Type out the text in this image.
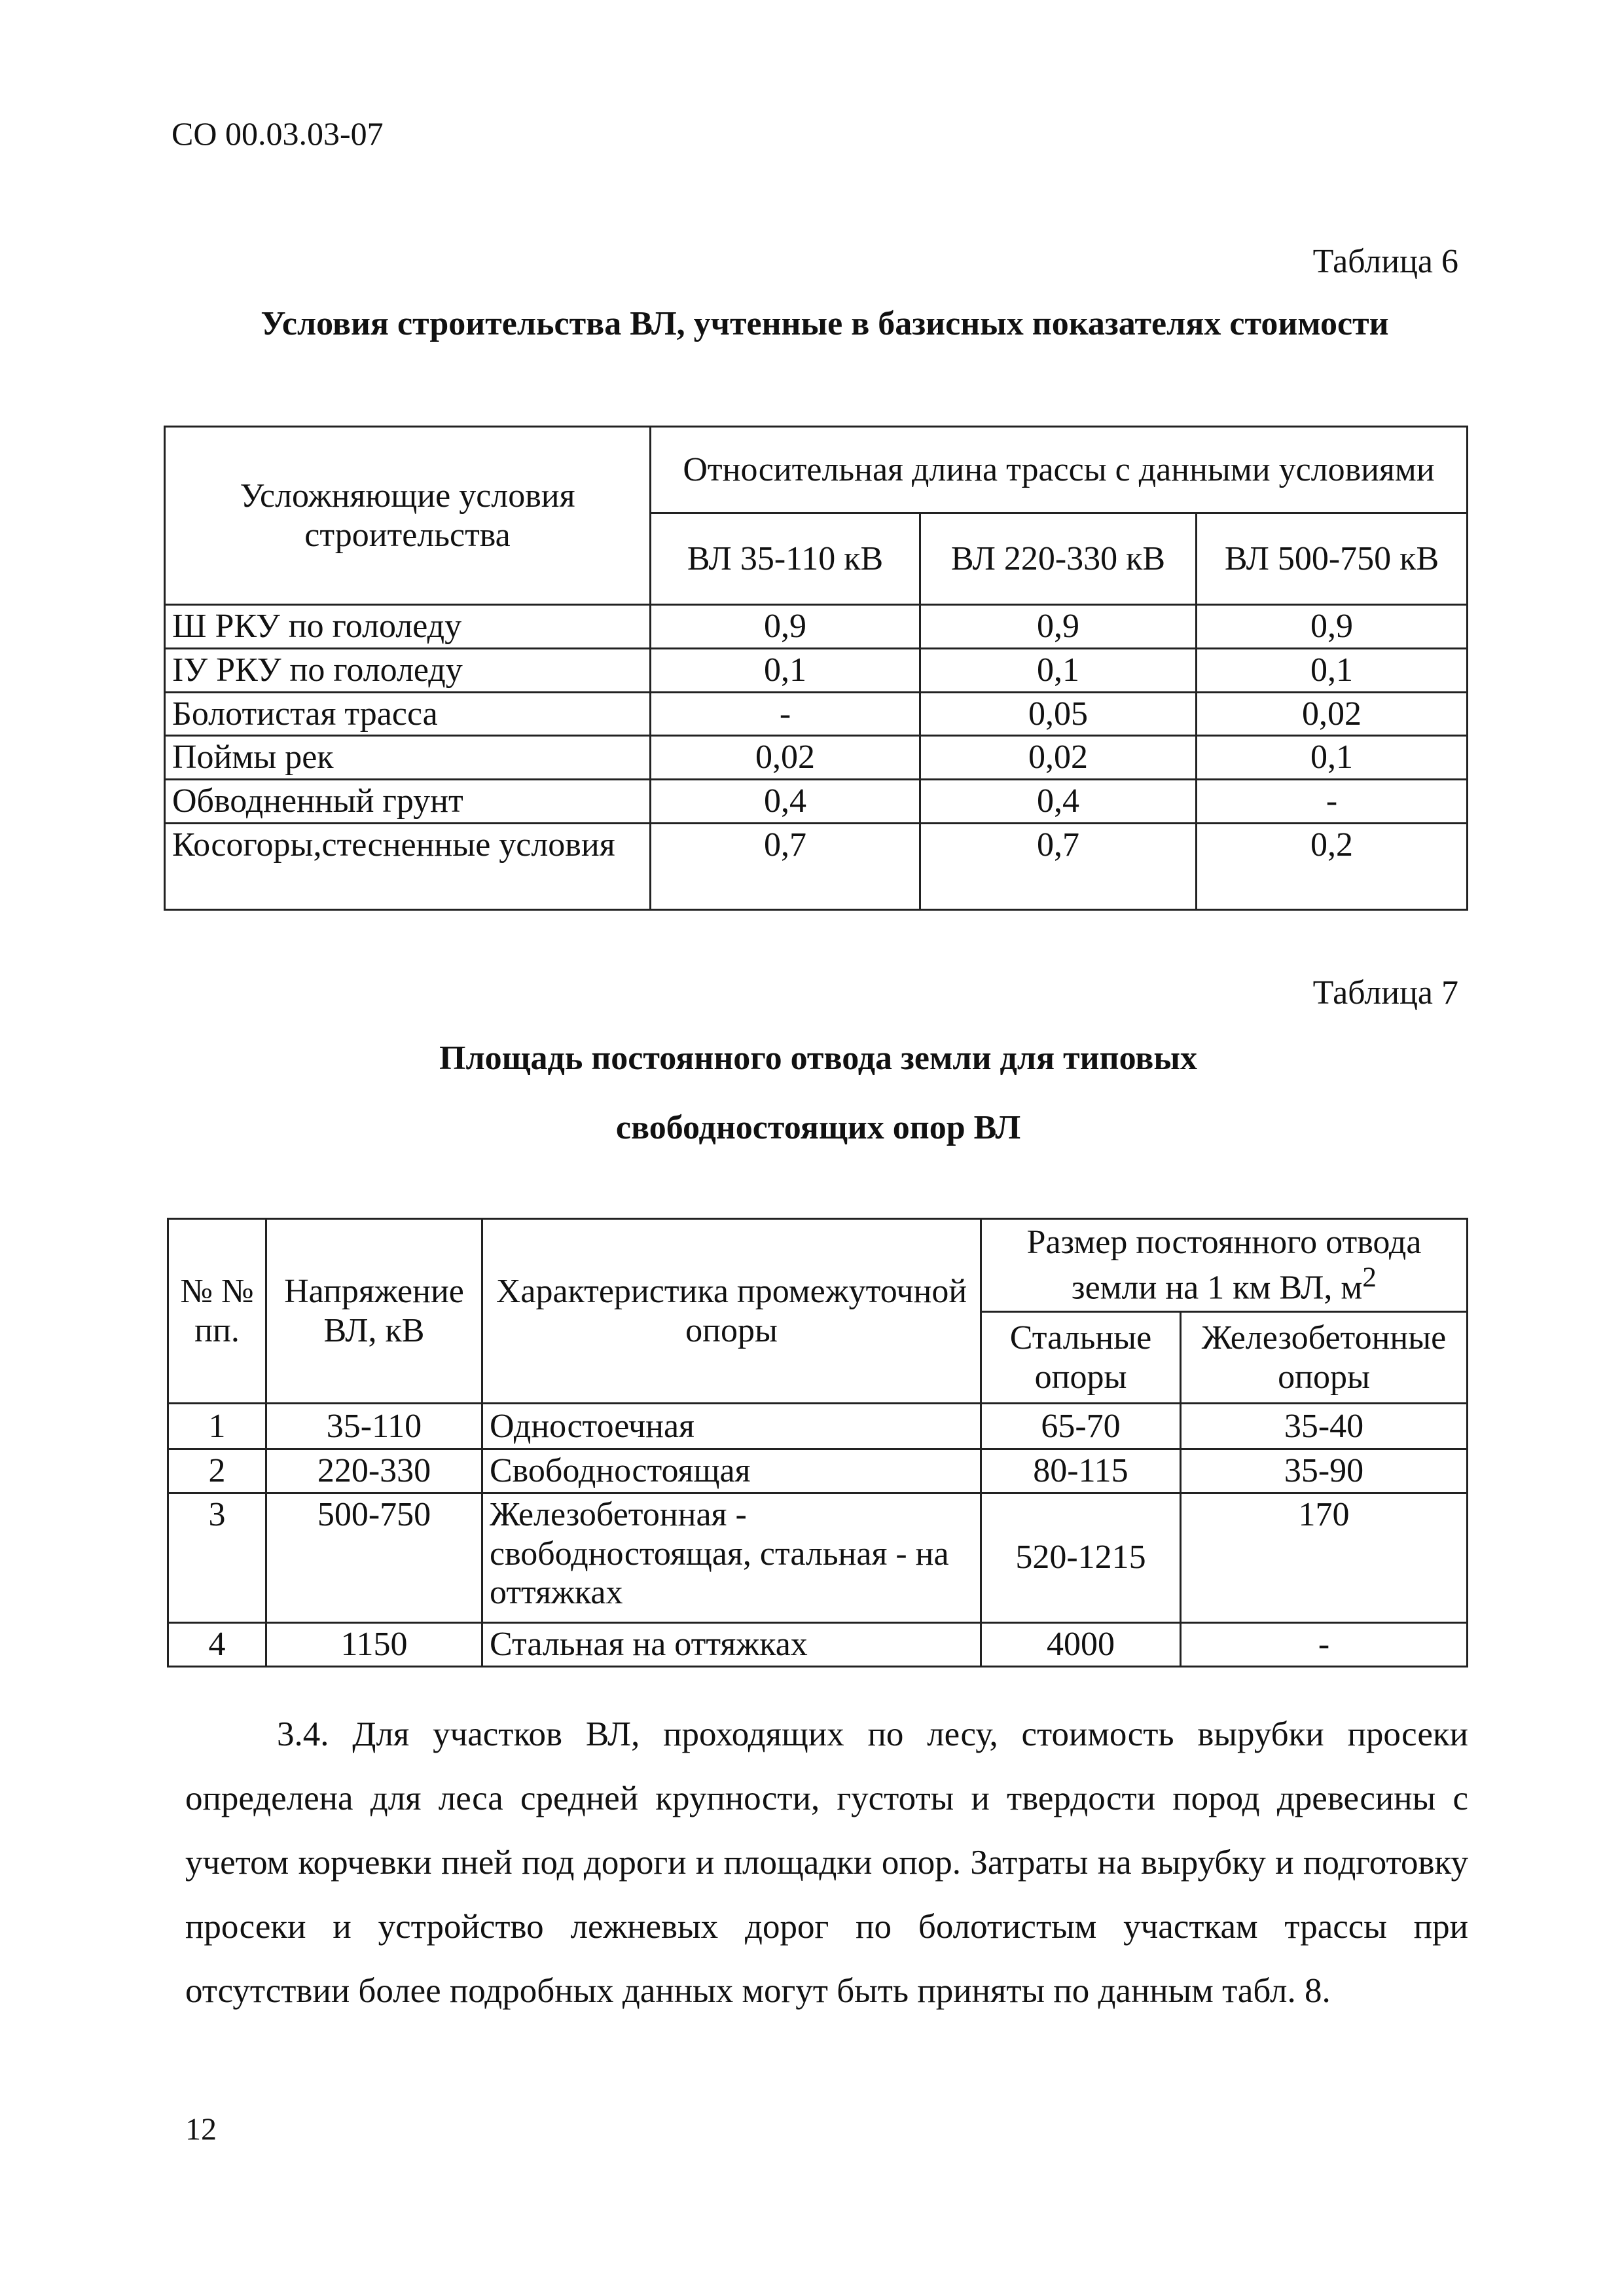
СО 00.03.03-07
Таблица 6
Условия строительства ВЛ, учтенные в базисных показателях стоимости
Усложняющие условия строительства	Относительная длина трассы с данными условиями		
	ВЛ 35-110 кВ	ВЛ 220-330 кВ	ВЛ 500-750 кВ
Ш РКУ по гололеду	0,9	0,9	0,9
IУ РКУ по гололеду	0,1	0,1	0,1
Болотистая трасса	-	0,05	0,02
Поймы рек	0,02	0,02	0,1
Обводненный грунт	0,4	0,4	-
Косогоры,стесненные условия	0,7	0,7	0,2
Таблица 7
Площадь постоянного отвода земли для типовых
свободностоящих опор ВЛ
№ № пп.	Напряжение ВЛ, кВ	Характеристика промежуточной опоры	Размер постоянного отвода земли на 1 км ВЛ, $м^2$
			Стальные опоры	Железобетонные опоры
1	35-110	Одностоечная	65-70	35-40
2	220-330	Свободностоящая	80-115	35-90
3	500-750	Железобетонная - свободностоящая, стальная - на оттяжках	520-1215	170
4	1150	Стальная на оттяжках	4000	-
3.4. Для участков ВЛ, проходящих по лесу, стоимость вырубки просеки определена для леса средней крупности, густоты и твердости пород древесины с учетом корчевки пней под дороги и площадки опор. Затраты на вырубку и подготовку просеки и устройство лежневых дорог по болотистым участкам трассы при отсутствии более подробных данных могут быть приняты по данным табл. 8.
12
